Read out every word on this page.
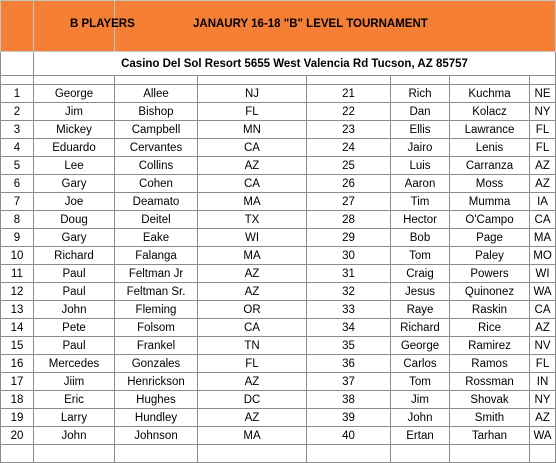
	B PLAYERS	JANAURY 16-18 "B" LEVEL TOURNAMENT					
	Casino Del Sol Resort 5655 West Valencia Rd Tucson, AZ 85757						

1	George	Allee	NJ	21	Rich	Kuchma	NE
2	Jim	Bishop	FL	22	Dan	Kolacz	NY
3	Mickey	Campbell	MN	23	Ellis	Lawrance	FL
4	Eduardo	Cervantes	CA	24	Jairo	Lenis	FL
5	Lee	Collins	AZ	25	Luis	Carranza	AZ
6	Gary	Cohen	CA	26	Aaron	Moss	AZ
7	Joe	Deamato	MA	27	Tim	Mumma	IA
8	Doug	Deitel	TX	28	Hector	O'Campo	CA
9	Gary	Eake	WI	29	Bob	Page	MA
10	Richard	Falanga	MA	30	Tom	Paley	MO
11	Paul	Feltman Jr	AZ	31	Craig	Powers	WI
12	Paul	Feltman Sr.	AZ	32	Jesus	Quinonez	WA
13	John	Fleming	OR	33	Raye	Raskin	CA
14	Pete	Folsom	CA	34	Richard	Rice	AZ
15	Paul	Frankel	TN	35	George	Ramirez	NV
16	Mercedes	Gonzales	FL	36	Carlos	Ramos	FL
17	Jiim	Henrickson	AZ	37	Tom	Rossman	IN
18	Eric	Hughes	DC	38	Jim	Shovak	NY
19	Larry	Hundley	AZ	39	John	Smith	AZ
20	John	Johnson	MA	40	Ertan	Tarhan	WA
